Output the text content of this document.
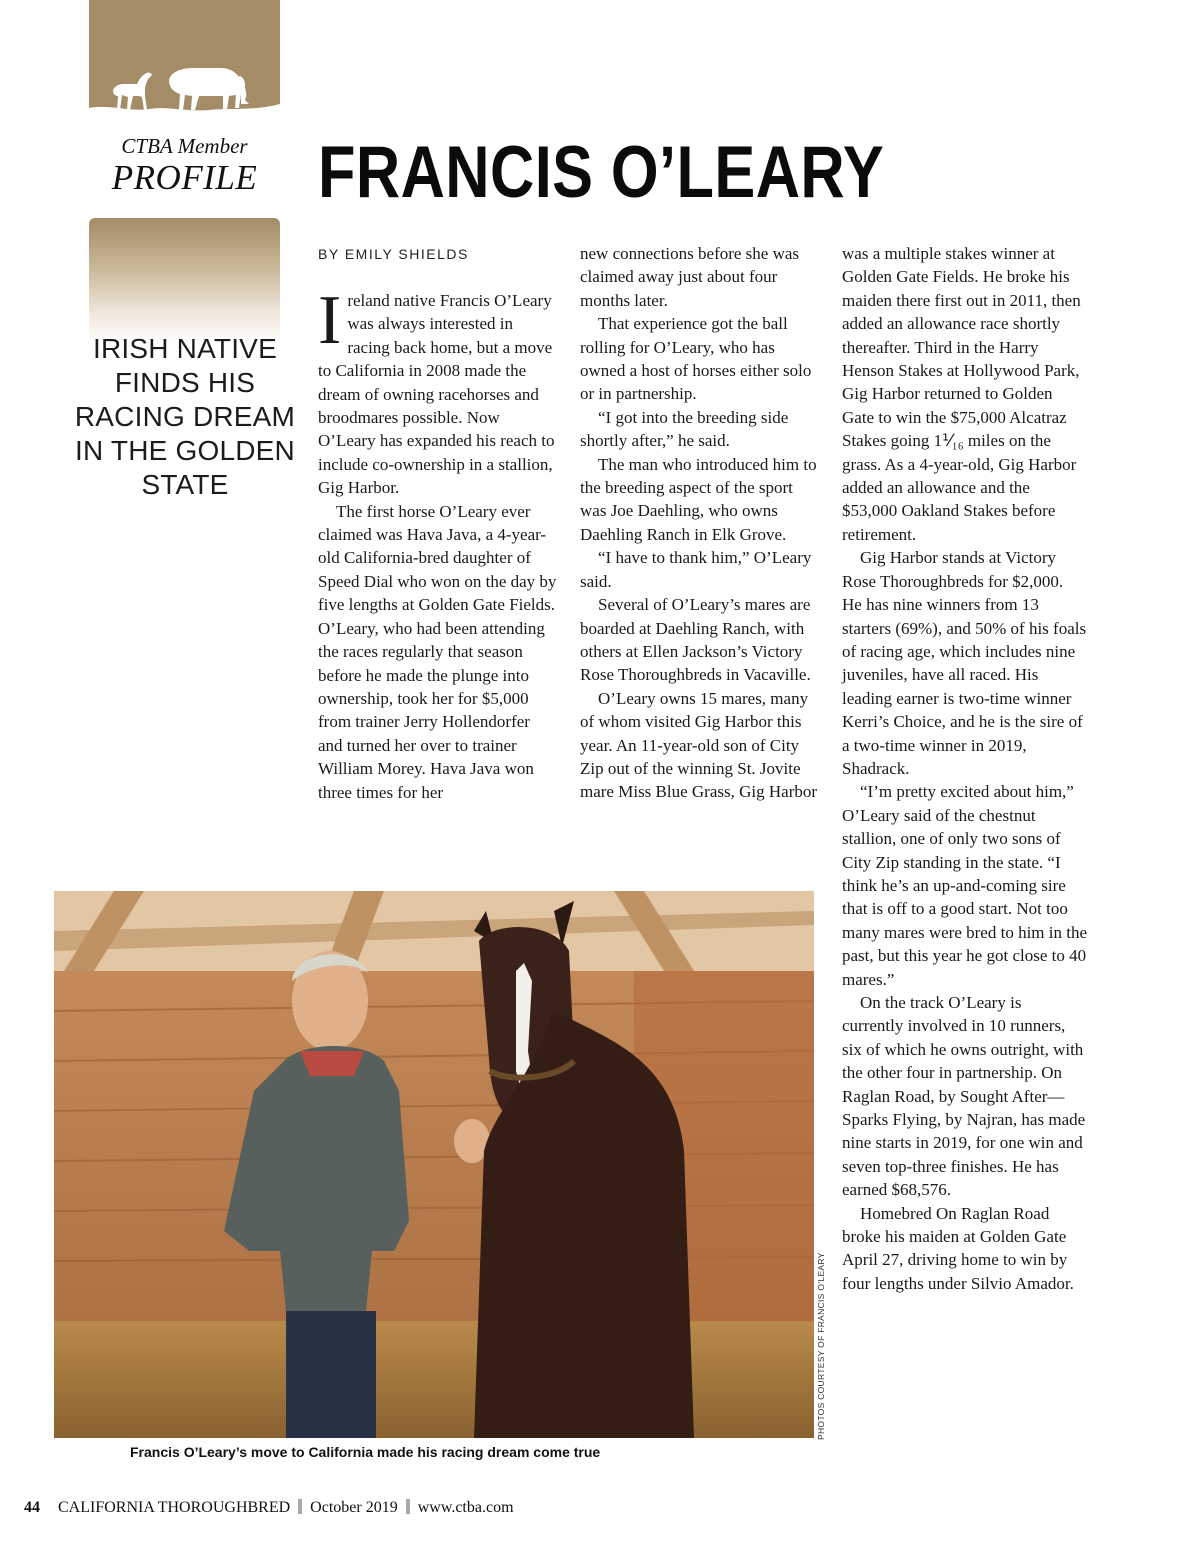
CTBA Member
PROFILE FRANCIS O’LEARY
IRISH NATIVE FINDS HIS RACING DREAM IN THE GOLDEN STATE
BY EMILY SHIELDS

Ireland native Francis O’Leary was always interested in racing back home, but a move to California in 2008 made the dream of owning racehorses and broodmares possible. Now O’Leary has expanded his reach to include co-ownership in a stallion, Gig Harbor.

The first horse O’Leary ever claimed was Hava Java, a 4-year-old California-bred daughter of Speed Dial who won on the day by five lengths at Golden Gate Fields. O’Leary, who had been attending the races regularly that season before he made the plunge into ownership, took her for $5,000 from trainer Jerry Hollendorfer and turned her over to trainer William Morey. Hava Java won three times for her

new connections before she was claimed away just about four months later.

That experience got the ball rolling for O’Leary, who has owned a host of horses either solo or in partnership.

“I got into the breeding side shortly after,” he said.

The man who introduced him to the breeding aspect of the sport was Joe Daehling, who owns Daehling Ranch in Elk Grove.

“I have to thank him,” O’Leary said.

Several of O’Leary’s mares are boarded at Daehling Ranch, with others at Ellen Jackson’s Victory Rose Thoroughbreds in Vacaville.

O’Leary owns 15 mares, many of whom visited Gig Harbor this year. An 11-year-old son of City Zip out of the winning St. Jovite mare Miss Blue Grass, Gig Harbor

was a multiple stakes winner at Golden Gate Fields. He broke his maiden there first out in 2011, then added an allowance race shortly thereafter. Third in the Harry Henson Stakes at Hollywood Park, Gig Harbor returned to Golden Gate to win the $75,000 Alcatraz Stakes going 1⅟₁₆ miles on the grass. As a 4-year-old, Gig Harbor added an allowance and the $53,000 Oakland Stakes before retirement.

Gig Harbor stands at Victory Rose Thoroughbreds for $2,000. He has nine winners from 13 starters (69%), and 50% of his foals of racing age, which includes nine juveniles, have all raced. His leading earner is two-time winner Kerri’s Choice, and he is the sire of a two-time winner in 2019, Shadrack.

“I’m pretty excited about him,” O’Leary said of the chestnut stallion, one of only two sons of City Zip standing in the state. “I think he’s an up-and-coming sire that is off to a good start. Not too many mares were bred to him in the past, but this year he got close to 40 mares.”

On the track O’Leary is currently involved in 10 runners, six of which he owns outright, with the other four in partnership. On Raglan Road, by Sought After—Sparks Flying, by Najran, has made nine starts in 2019, for one win and seven top-three finishes. He has earned $68,576.

Homebred On Raglan Road broke his maiden at Golden Gate April 27, driving home to win by four lengths under Silvio Amador.

PHOTOS COURTESY OF FRANCIS O’LEARY
Francis O’Leary’s move to California made his racing dream come true
44 CALIFORNIA THOROUGHBRED October 2019 www.ctba.com
